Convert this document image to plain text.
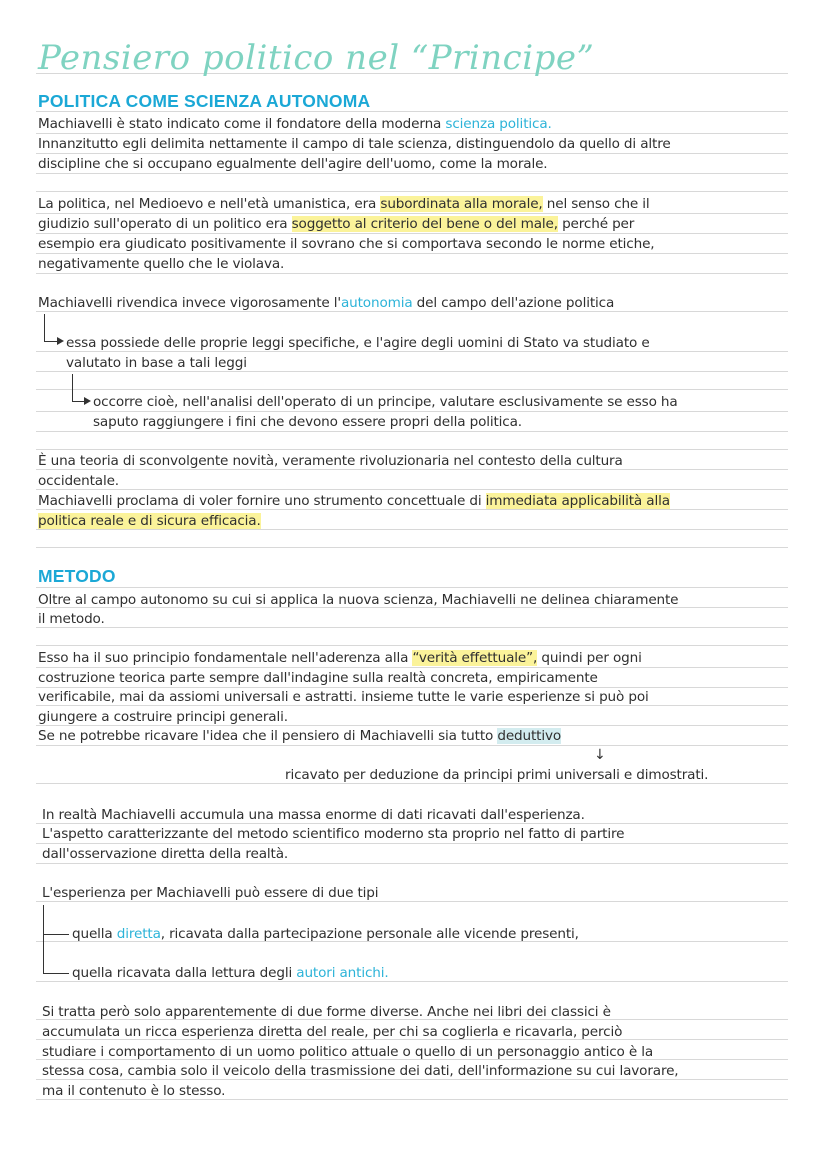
Pensiero politico nel “Principe”
POLITICA COME SCIENZA AUTONOMA
Machiavelli è stato indicato come il fondatore della moderna scienza politica.
Innanzitutto egli delimita nettamente il campo di tale scienza, distinguendolo da quello di altre
discipline che si occupano egualmente dell'agire dell'uomo, come la morale.
La politica, nel Medioevo e nell'età umanistica, era subordinata alla morale, nel senso che il
giudizio sull'operato di un politico era soggetto al criterio del bene o del male, perché per
esempio era giudicato positivamente il sovrano che si comportava secondo le norme etiche,
negativamente quello che le violava.
Machiavelli rivendica invece vigorosamente l'autonomia del campo dell'azione politica
essa possiede delle proprie leggi specifiche, e l'agire degli uomini di Stato va studiato e
valutato in base a tali leggi
occorre cioè, nell'analisi dell'operato di un principe, valutare esclusivamente se esso ha
saputo raggiungere i fini che devono essere propri della politica.
È una teoria di sconvolgente novità, veramente rivoluzionaria nel contesto della cultura
occidentale.
Machiavelli proclama di voler fornire uno strumento concettuale di immediata applicabilità alla
politica reale e di sicura efficacia.
METODO
Oltre al campo autonomo su cui si applica la nuova scienza, Machiavelli ne delinea chiaramente
il metodo.
Esso ha il suo principio fondamentale nell'aderenza alla “verità effettuale”, quindi per ogni
costruzione teorica parte sempre dall'indagine sulla realtà concreta, empiricamente
verificabile, mai da assiomi universali e astratti. insieme tutte le varie esperienze si può poi
giungere a costruire principi generali.
Se ne potrebbe ricavare l'idea che il pensiero di Machiavelli sia tutto deduttivo
↓
ricavato per deduzione da principi primi universali e dimostrati.
In realtà Machiavelli accumula una massa enorme di dati ricavati dall'esperienza.
L'aspetto caratterizzante del metodo scientifico moderno sta proprio nel fatto di partire
dall'osservazione diretta della realtà.
L'esperienza per Machiavelli può essere di due tipi
quella diretta, ricavata dalla partecipazione personale alle vicende presenti,
quella ricavata dalla lettura degli autori antichi.
Si tratta però solo apparentemente di due forme diverse. Anche nei libri dei classici è
accumulata un ricca esperienza diretta del reale, per chi sa coglierla e ricavarla, perciò
studiare i comportamento di un uomo politico attuale o quello di un personaggio antico è la
stessa cosa, cambia solo il veicolo della trasmissione dei dati, dell'informazione su cui lavorare,
ma il contenuto è lo stesso.
